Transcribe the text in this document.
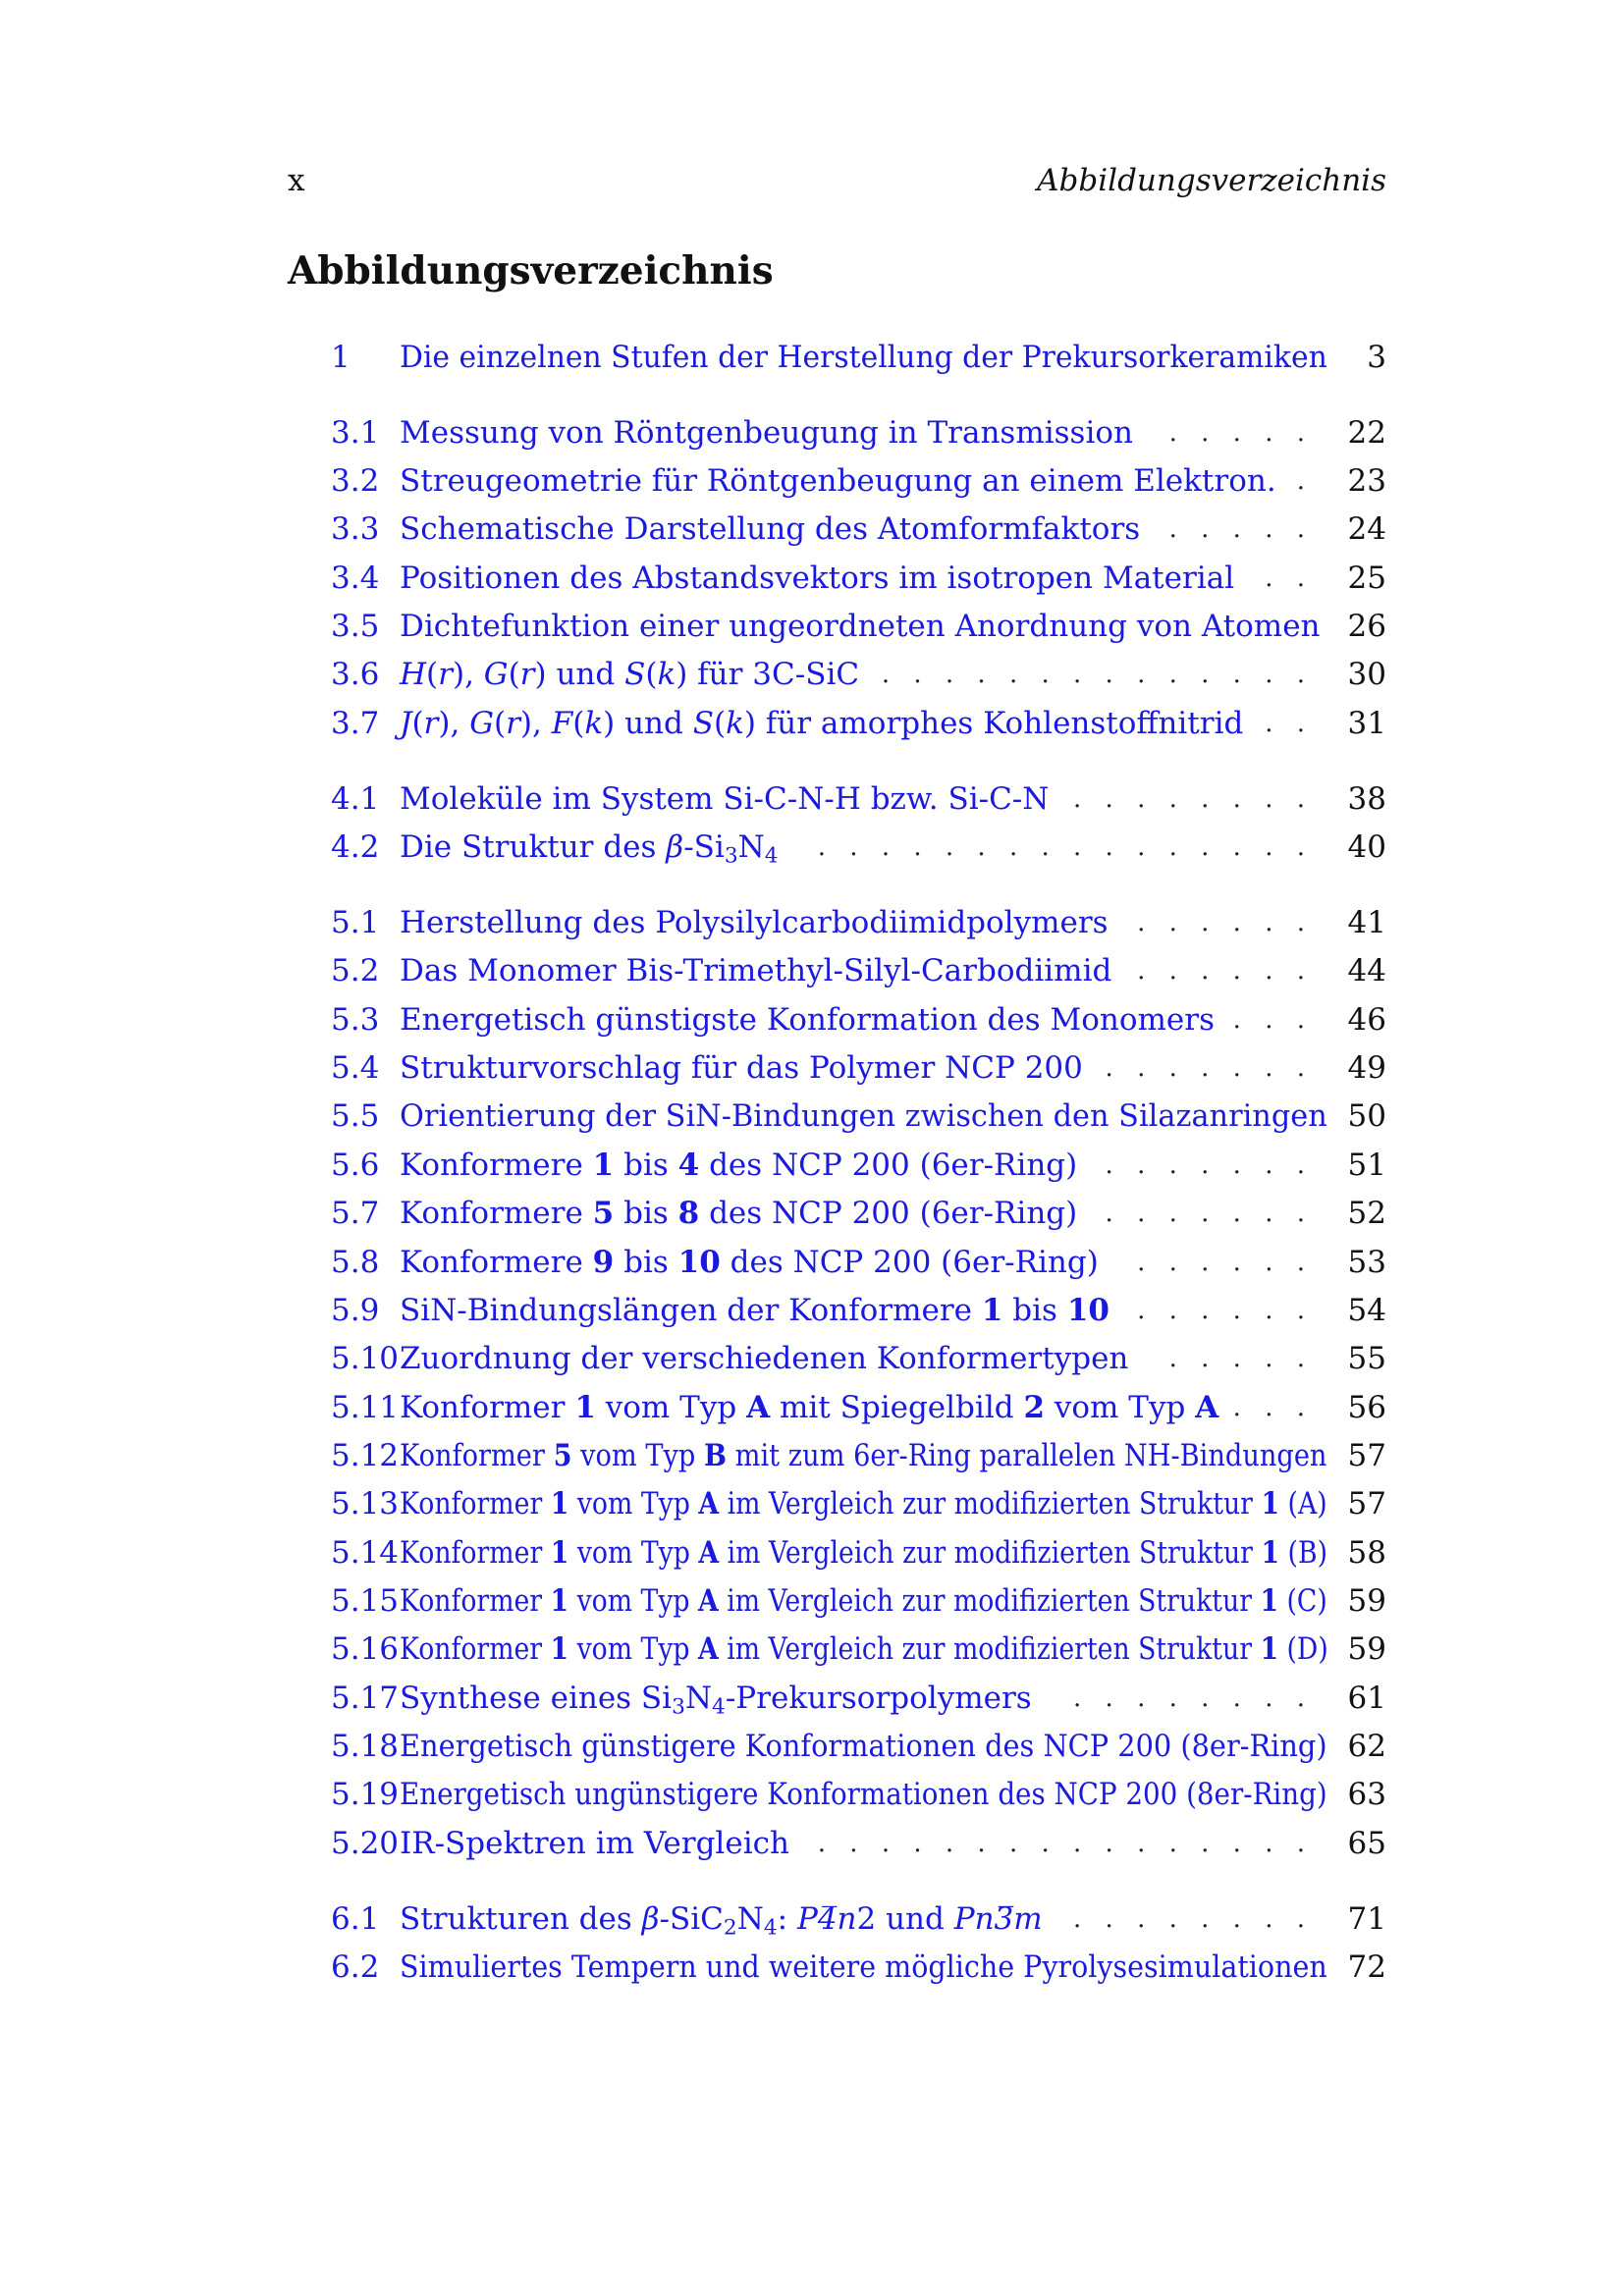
x	Abbildungsverzeichnis
Abbildungsverzeichnis
1 Die einzelnen Stufen der Herstellung der Prekursorkeramiken 3
3.1 Messung von Röntgenbeugung in Transmission . . . . . 22
3.2 Streugeometrie für Röntgenbeugung an einem Elektron. . 23
3.3 Schematische Darstellung des Atomformfaktors . . . . . 24
3.4 Positionen des Abstandsvektors im isotropen Material . . 25
3.5 Dichtefunktion einer ungeordneten Anordnung von Atomen 26
3.6 H(r), G(r) und S(k) für 3C-SiC . . . . . . . . . . . . . . 30
3.7 J(r), G(r), F(k) und S(k) für amorphes Kohlenstoffnitrid . . 31
4.1 Moleküle im System Si-C-N-H bzw. Si-C-N . . . . . . . . 38
4.2 Die Struktur des $\beta-Si_3N_4$ . . . . . . . . . . . . . . . . 40
5.1 Herstellung des Polysilylcarbodiimidpolymers . . . . . . 41
5.2 Das Monomer Bis-Trimethyl-Silyl-Carbodiimid . . . . . . 44
5.3 Energetisch günstigste Konformation des Monomers . . . 46
5.4 Strukturvorschlag für das Polymer NCP 200 . . . . . . . 49
5.5 Orientierung der SiN-Bindungen zwischen den Silazanringen 50
5.6 Konformere 1 bis 4 des NCP 200 (6er-Ring) . . . . . . . 51
5.7 Konformere 5 bis 8 des NCP 200 (6er-Ring) . . . . . . . 52
5.8 Konformere 9 bis 10 des NCP 200 (6er-Ring) . . . . . . 53
5.9 SiN-Bindungslängen der Konformere 1 bis 10 . . . . . . 54
5.10 Zuordnung der verschiedenen Konformertypen . . . . . 55
5.11 Konformer 1 vom Typ A mit Spiegelbild 2 vom Typ A . . . 56
5.12 Konformer 5 vom Typ B mit zum 6er-Ring parallelen NH-Bindungen 57
5.13 Konformer 1 vom Typ A im Vergleich zur modifizierten Struktur 1 (A) 57
5.14 Konformer 1 vom Typ A im Vergleich zur modifizierten Struktur 1 (B) 58
5.15 Konformer 1 vom Typ A im Vergleich zur modifizierten Struktur 1 (C) 59
5.16 Konformer 1 vom Typ A im Vergleich zur modifizierten Struktur 1 (D) 59
5.17 Synthese eines $Si_3N_4$-Prekursorpolymers . . . . . . . . 61
5.18 Energetisch günstigere Konformationen des NCP 200 (8er-Ring) 62
5.19 Energetisch ungünstigere Konformationen des NCP 200 (8er-Ring) 63
5.20 IR-Spektren im Vergleich . . . . . . . . . . . . . . . . 65
6.1 Strukturen des $\beta-SiC_2N_4$: P4̅n2 und Pn3̅m . . . . . . . . 71
6.2 Simuliertes Tempern und weitere mögliche Pyrolysesimulationen 72
